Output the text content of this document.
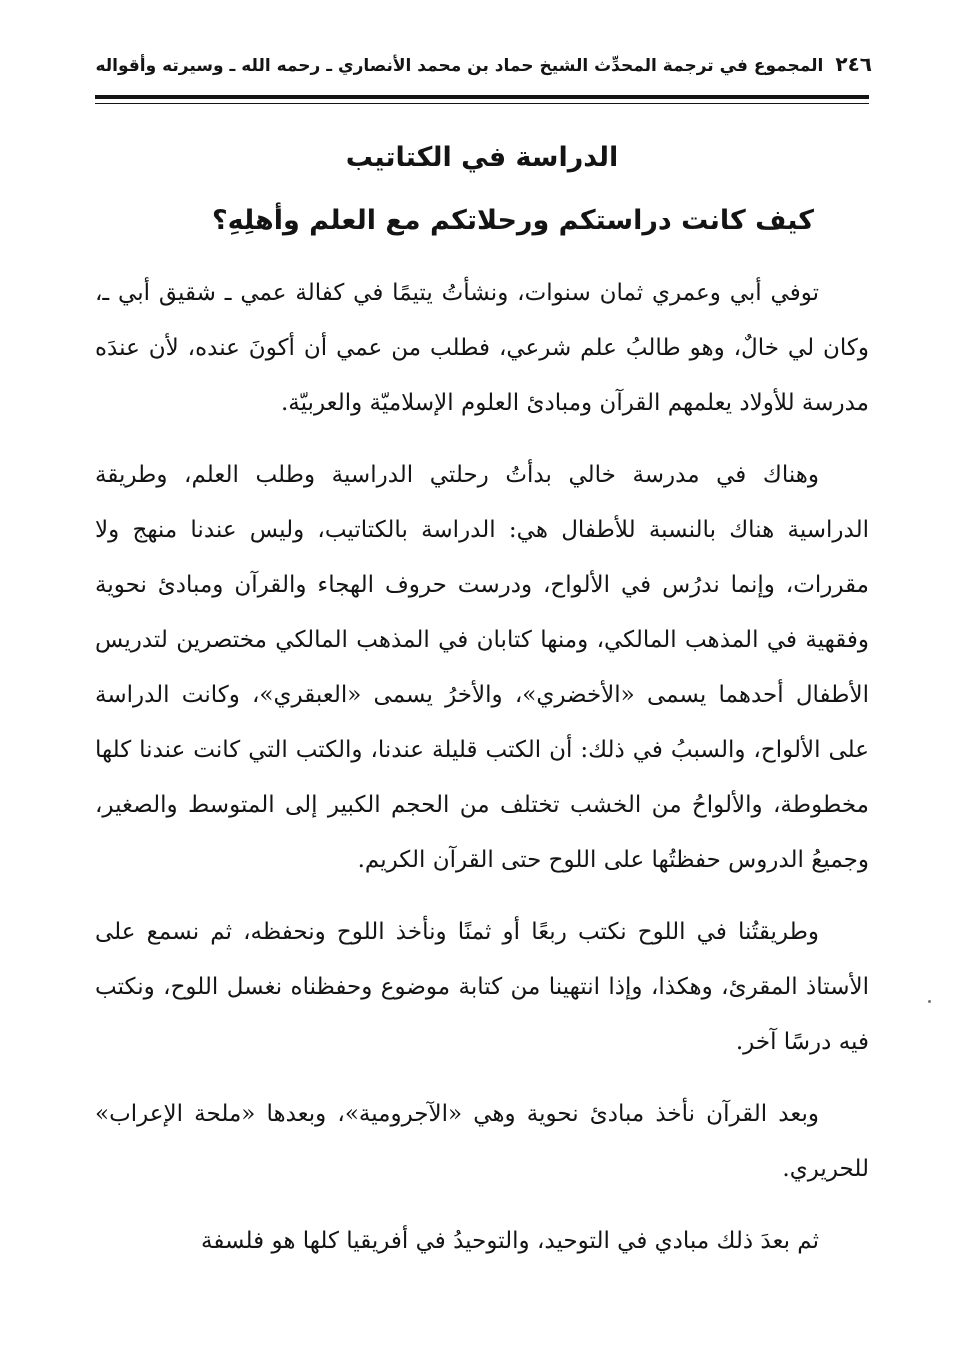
٢٤٦
المجموع في ترجمة المحدِّث الشيخ حماد بن محمد الأنصاري ـ رحمه الله ـ وسيرته وأقواله
الدراسة في الكتاتيب
كيف كانت دراستكم ورحلاتكم مع العلم وأهلِهِ؟

توفي أبي وعمري ثمان سنوات، ونشأتُ يتيمًا في كفالة عمي ـ شقيق أبي ـ، وكان لي خالٌ، وهو طالبُ علم شرعي، فطلب من عمي أن أكونَ عنده، لأن عندَه مدرسة للأولاد يعلمهم القرآن ومبادئ العلوم الإسلاميّة والعربيّة.

وهناك في مدرسة خالي بدأتُ رحلتي الدراسية وطلب العلم، وطريقة الدراسية هناك بالنسبة للأطفال هي: الدراسة بالكتاتيب، وليس عندنا منهج ولا مقررات، وإنما ندرُس في الألواح، ودرست حروف الهجاء والقرآن ومبادئ نحوية وفقهية في المذهب المالكي، ومنها كتابان في المذهب المالكي مختصرين لتدريس الأطفال أحدهما يسمى «الأخضري»، والأخرُ يسمى «العبقري»، وكانت الدراسة على الألواح، والسببُ في ذلك: أن الكتب قليلة عندنا، والكتب التي كانت عندنا كلها مخطوطة، والألواحُ من الخشب تختلف من الحجم الكبير إلى المتوسط والصغير، وجميعُ الدروس حفظتُها على اللوح حتى القرآن الكريم.

وطريقتُنا في اللوح نكتب ربعًا أو ثمنًا ونأخذ اللوح ونحفظه، ثم نسمع على الأستاذ المقرئ، وهكذا، وإذا انتهينا من كتابة موضوع وحفظناه نغسل اللوح، ونكتب فيه درسًا آخر.

وبعد القرآن نأخذ مبادئ نحوية وهي «الآجرومية»، وبعدها «ملحة الإعراب» للحريري.

ثم بعدَ ذلك مبادي في التوحيد، والتوحيدُ في أفريقيا كلها هو فلسفة
